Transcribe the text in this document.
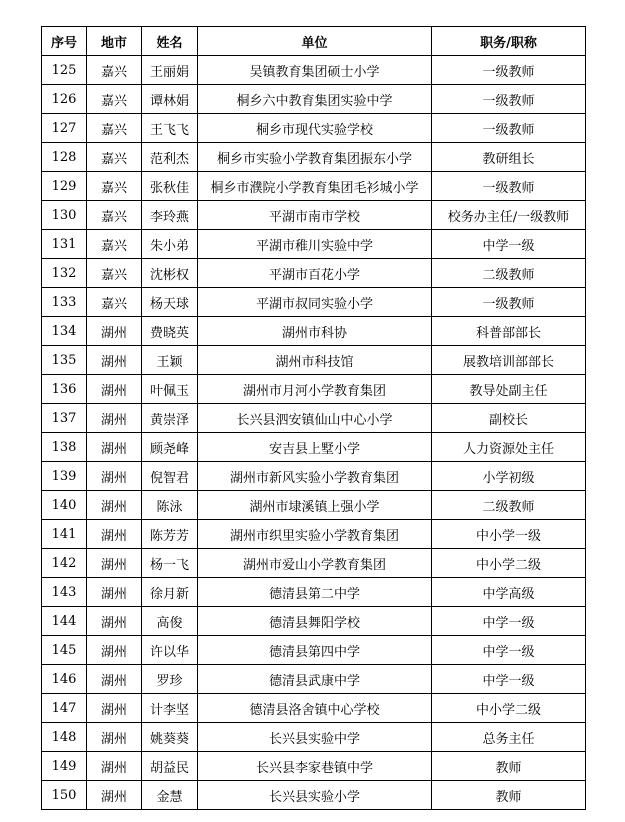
序号	地市	姓名	单位	职务/职称
125	嘉兴	王丽娟	吴镇教育集团硕士小学	一级教师
126	嘉兴	谭林娟	桐乡六中教育集团实验中学	一级教师
127	嘉兴	王飞飞	桐乡市现代实验学校	一级教师
128	嘉兴	范利杰	桐乡市实验小学教育集团振东小学	教研组长
129	嘉兴	张秋佳	桐乡市濮院小学教育集团毛衫城小学	一级教师
130	嘉兴	李玲燕	平湖市南市学校	校务办主任/一级教师
131	嘉兴	朱小弟	平湖市稚川实验中学	中学一级
132	嘉兴	沈彬权	平湖市百花小学	二级教师
133	嘉兴	杨天球	平湖市叔同实验小学	一级教师
134	湖州	费晓英	湖州市科协	科普部部长
135	湖州	王颖	湖州市科技馆	展教培训部部长
136	湖州	叶佩玉	湖州市月河小学教育集团	教导处副主任
137	湖州	黄崇泽	长兴县泗安镇仙山中心小学	副校长
138	湖州	顾尧峰	安吉县上墅小学	人力资源处主任
139	湖州	倪智君	湖州市新风实验小学教育集团	小学初级
140	湖州	陈泳	湖州市埭溪镇上强小学	二级教师
141	湖州	陈芳芳	湖州市织里实验小学教育集团	中小学一级
142	湖州	杨一飞	湖州市爱山小学教育集团	中小学二级
143	湖州	徐月新	德清县第二中学	中学高级
144	湖州	高俊	德清县舞阳学校	中学一级
145	湖州	许以华	德清县第四中学	中学一级
146	湖州	罗珍	德清县武康中学	中学一级
147	湖州	计李坚	德清县洛舍镇中心学校	中小学二级
148	湖州	姚葵葵	长兴县实验中学	总务主任
149	湖州	胡益民	长兴县李家巷镇中学	教师
150	湖州	金慧	长兴县实验小学	教师
